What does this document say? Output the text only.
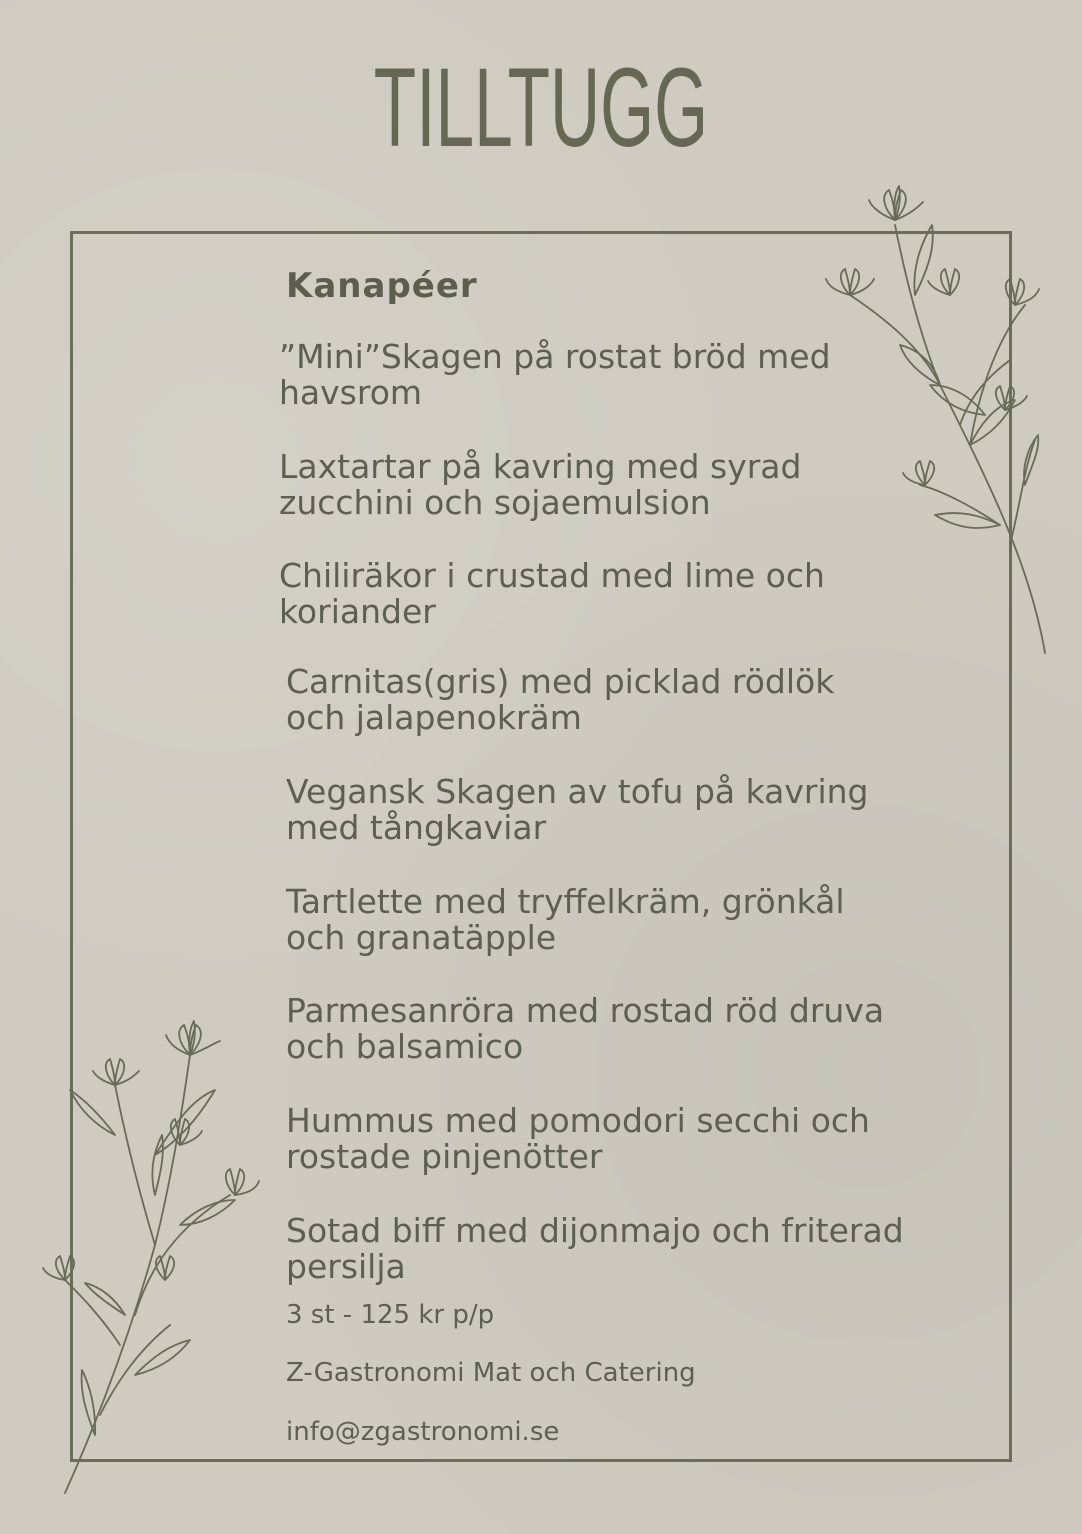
TILLTUGG
Kanapéer
”Mini”Skagen på rostat bröd med
havsrom
Laxtartar på kavring med syrad
zucchini och sojaemulsion
Chiliräkor i crustad med lime och
koriander
Carnitas(gris) med picklad rödlök
och jalapenokräm
Vegansk Skagen av tofu på kavring
med tångkaviar
Tartlette med tryffelkräm, grönkål
och granatäpple
Parmesanröra med rostad röd druva
och balsamico
Hummus med pomodori secchi och
rostade pinjenötter
Sotad biff med dijonmajo och friterad
persilja
3 st - 125 kr p/p
Z-Gastronomi Mat och Catering
info@zgastronomi.se
